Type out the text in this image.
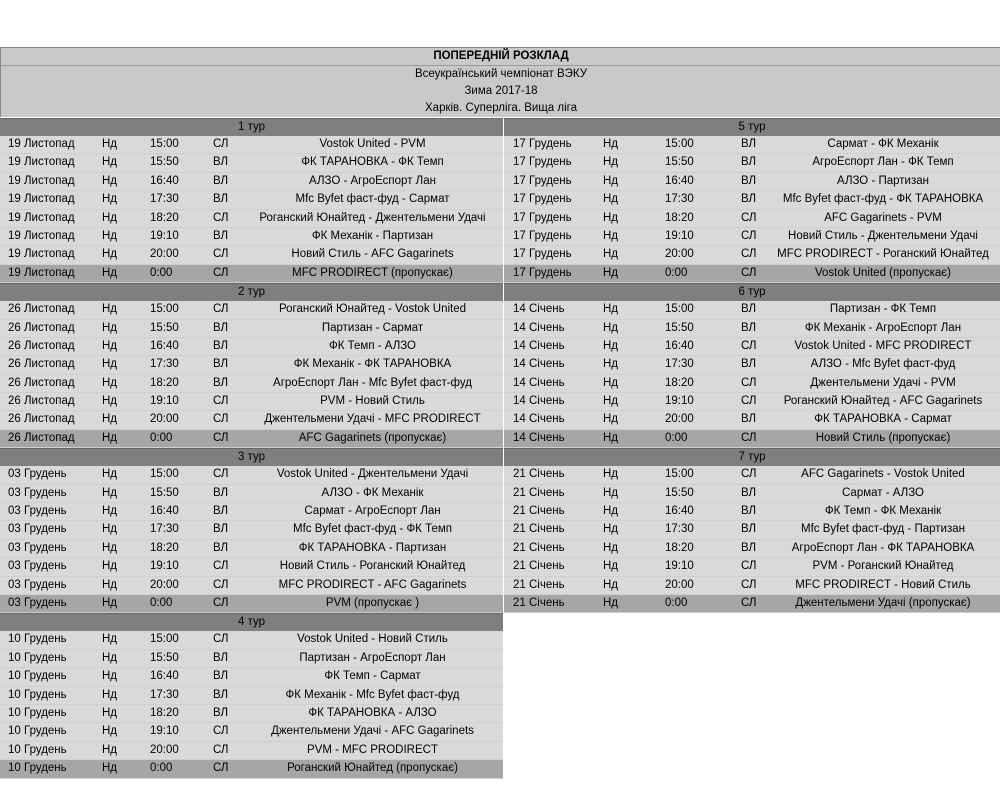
ПОПЕРЕДНІЙ РОЗКЛАД
Всеукраїнський чемпіонат ВЭКУ
Зима 2017-18
Харків. Суперліга. Вища ліга
1 тур
19 Листопад Нд	15:00	СЛ	Vostok United - PVM
19 Листопад Нд	15:50	ВЛ	ФК ТАРАНОВКА - ФК Темп
19 Листопад Нд	16:40	ВЛ	АЛЗО - АгроЕспорт Лан
19 Листопад Нд	17:30	ВЛ	Mfc Byfet фаст-фуд - Сармат
19 Листопад Нд	18:20	СЛ	Роганский Юнайтед - Джентельмени Удачі
19 Листопад Нд	19:10	ВЛ	ФК Механік - Партизан
19 Листопад Нд	20:00	СЛ	Новий Стиль - AFC Gagarinets
19 Листопад Нд	0:00	СЛ	MFC PRODIRECT (пропускає)
2 тур
26 Листопад Нд	15:00	СЛ	Роганский Юнайтед - Vostok United
26 Листопад Нд	15:50	ВЛ	Партизан - Сармат
26 Листопад Нд	16:40	ВЛ	ФК Темп - АЛЗО
26 Листопад Нд	17:30	ВЛ	ФК Механік - ФК ТАРАНОВКА
26 Листопад Нд	18:20	ВЛ	АгроЕспорт Лан - Mfc Byfet фаст-фуд
26 Листопад Нд	19:10	СЛ	PVM - Новий Стиль
26 Листопад Нд	20:00	СЛ	Джентельмени Удачі - MFC PRODIRECT
26 Листопад Нд	0:00	СЛ	AFC Gagarinets (пропускає)
3 тур
03 Грудень	Нд	15:00	СЛ	Vostok United - Джентельмени Удачі
03 Грудень	Нд	15:50	ВЛ	АЛЗО - ФК Механік
03 Грудень	Нд	16:40	ВЛ	Сармат - АгроЕспорт Лан
03 Грудень	Нд	17:30	ВЛ	Mfc Byfet фаст-фуд - ФК Темп
03 Грудень	Нд	18:20	ВЛ	ФК ТАРАНОВКА - Партизан
03 Грудень	Нд	19:10	СЛ	Новий Стиль - Роганский Юнайтед
03 Грудень	Нд	20:00	СЛ	MFC PRODIRECT - AFC Gagarinets
03 Грудень	Нд	0:00	СЛ	PVM (пропускає )
4 тур
10 Грудень	Нд	15:00	СЛ	Vostok United - Новий Стиль
10 Грудень	Нд	15:50	ВЛ	Партизан - АгроЕспорт Лан
10 Грудень	Нд	16:40	ВЛ	ФК Темп - Сармат
10 Грудень	Нд	17:30	ВЛ	ФК Механік - Mfc Byfet фаст-фуд
10 Грудень	Нд	18:20	ВЛ	ФК ТАРАНОВКА - АЛЗО
10 Грудень	Нд	19:10	СЛ	Джентельмени Удачі - AFC Gagarinets
10 Грудень	Нд	20:00	СЛ	PVM - MFC PRODIRECT
10 Грудень	Нд	0:00	СЛ	Роганский Юнайтед (пропускає)
5 тур
17 Грудень	Нд	15:00	ВЛ	Сармат - ФК Механік
17 Грудень	Нд	15:50	ВЛ	АгроЕспорт Лан - ФК Темп
17 Грудень	Нд	16:40	ВЛ	АЛЗО - Партизан
17 Грудень	Нд	17:30	ВЛ	Mfc Byfet фаст-фуд - ФК ТАРАНОВКА
17 Грудень	Нд	18:20	СЛ	AFC Gagarinets - PVM
17 Грудень	Нд	19:10	СЛ	Новий Стиль - Джентельмени Удачі
17 Грудень	Нд	20:00	СЛ	MFC PRODIRECT - Роганский Юнайтед
17 Грудень	Нд	0:00	СЛ	Vostok United (пропускає)
6 тур
14 Січень	Нд	15:00	ВЛ	Партизан - ФК Темп
14 Січень	Нд	15:50	ВЛ	ФК Механік - АгроЕспорт Лан
14 Січень	Нд	16:40	СЛ	Vostok United - MFC PRODIRECT
14 Січень	Нд	17:30	ВЛ	АЛЗО - Mfc Byfet фаст-фуд
14 Січень	Нд	18:20	СЛ	Джентельмени Удачі - PVM
14 Січень	Нд	19:10	СЛ	Роганский Юнайтед - AFC Gagarinets
14 Січень	Нд	20:00	ВЛ	ФК ТАРАНОВКА - Сармат
14 Січень	Нд	0:00	СЛ	Новий Стиль (пропускає)
7 тур
21 Січень	Нд	15:00	СЛ	AFC Gagarinets - Vostok United
21 Січень	Нд	15:50	ВЛ	Сармат - АЛЗО
21 Січень	Нд	16:40	ВЛ	ФК Темп - ФК Механік
21 Січень	Нд	17:30	ВЛ	Mfc Byfet фаст-фуд - Партизан
21 Січень	Нд	18:20	ВЛ	АгроЕспорт Лан - ФК ТАРАНОВКА
21 Січень	Нд	19:10	СЛ	PVM - Роганский Юнайтед
21 Січень	Нд	20:00	СЛ	MFC PRODIRECT - Новий Стиль
21 Січень	Нд	0:00	СЛ	Джентельмени Удачі (пропускає)
